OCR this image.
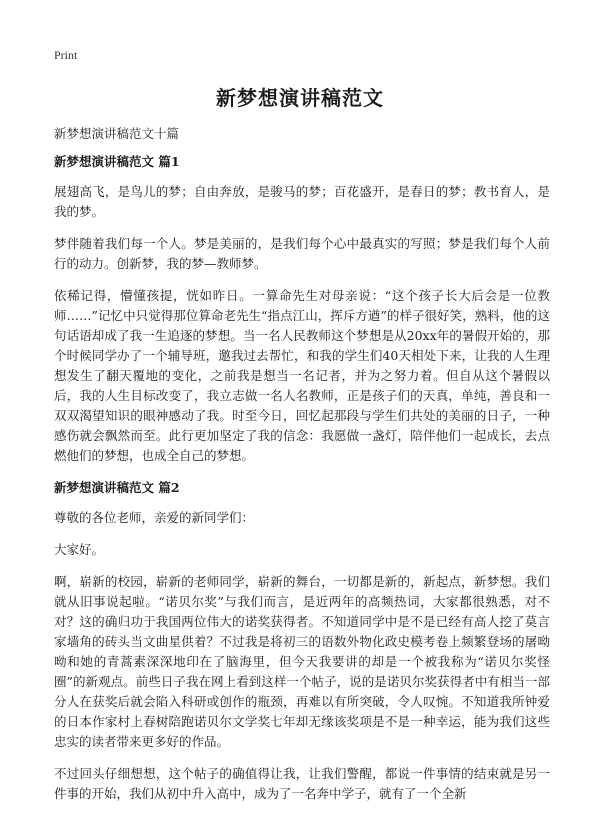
Print
新梦想演讲稿范文
新梦想演讲稿范文十篇
新梦想演讲稿范文 篇1

展翅高飞，是鸟儿的梦；自由奔放，是骏马的梦；百花盛开，是春日的梦；教书育人，是我的梦。

梦伴随着我们每一个人。梦是美丽的，是我们每个心中最真实的写照；梦是我们每个人前行的动力。创新梦，我的梦—教师梦。

依稀记得，懵懂孩提，恍如昨日。一算命先生对母亲说：“这个孩子长大后会是一位教师……”记忆中只觉得那位算命老先生“指点江山，挥斥方遒”的样子很好笑，熟料，他的这句话语却成了我一生追逐的梦想。当一名人民教师这个梦想是从20xx年的暑假开始的，那个时候同学办了一个辅导班，邀我过去帮忙，和我的学生们40天相处下来，让我的人生理想发生了翻天覆地的变化，之前我是想当一名记者，并为之努力着。但自从这个暑假以后，我的人生目标改变了，我立志做一名人名教师，正是孩子们的天真，单纯，善良和一双双渴望知识的眼神感动了我。时至今日，回忆起那段与学生们共处的美丽的日子，一种感伤就会飘然而至。此行更加坚定了我的信念：我愿做一盏灯，陪伴他们一起成长，去点燃他们的梦想，也成全自己的梦想。

新梦想演讲稿范文 篇2

尊敬的各位老师，亲爱的新同学们：

大家好。

啊，崭新的校园，崭新的老师同学，崭新的舞台，一切都是新的，新起点，新梦想。我们就从旧事说起啦。“诺贝尔奖”与我们而言，是近两年的高频热词，大家都很熟悉，对不对？这的确归功于我国两位伟大的诺奖获得者。不知道同学中是不是已经有高人挖了莫言家墙角的砖头当文曲星供着？不过我是将初三的语数外物化政史模考卷上频繁登场的屠呦呦和她的青蒿素深深地印在了脑海里，但今天我要讲的却是一个被我称为“诺贝尔奖怪圈”的新观点。前些日子我在网上看到这样一个帖子，说的是诺贝尔奖获得者中有相当一部分人在获奖后就会陷入科研或创作的瓶颈，再难以有所突破，令人叹惋。不知道我所钟爱的日本作家村上春树陪跑诺贝尔文学奖七年却无缘该奖项是不是一种幸运，能为我们这些忠实的读者带来更多好的作品。

不过回头仔细想想，这个帖子的确值得让我，让我们警醒，都说一件事情的结束就是另一件事的开始，我们从初中升入高中，成为了一名奔中学子，就有了一个全新
